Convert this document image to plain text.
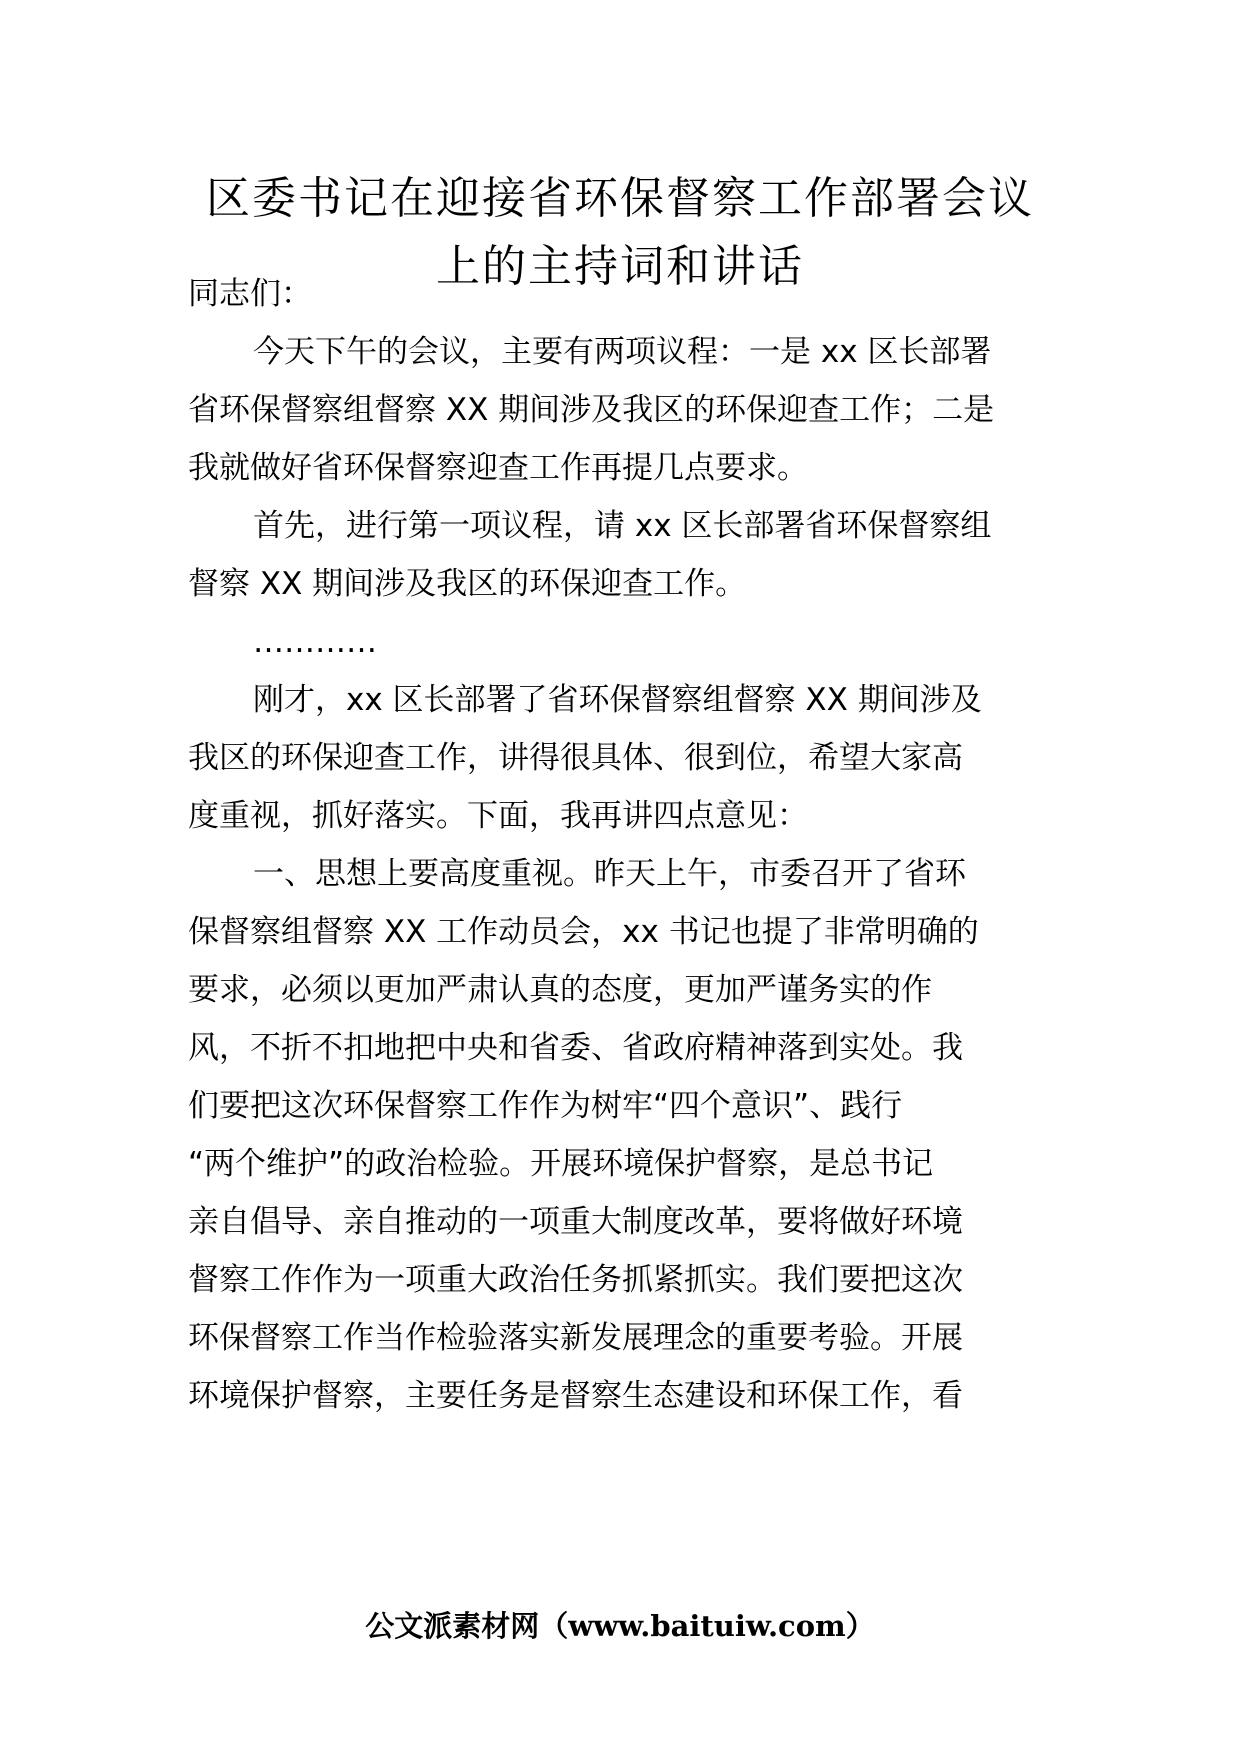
区委书记在迎接省环保督察工作部署会议
上的主持词和讲话

同志们：

今天下午的会议，主要有两项议程：一是 xx 区长部署

省环保督察组督察 XX 期间涉及我区的环保迎查工作；二是

我就做好省环保督察迎查工作再提几点要求。

首先，进行第一项议程，请 xx 区长部署省环保督察组

督察 XX 期间涉及我区的环保迎查工作。

…………

刚才，xx 区长部署了省环保督察组督察 XX 期间涉及

我区的环保迎查工作，讲得很具体、很到位，希望大家高

度重视，抓好落实。下面，我再讲四点意见：

一、思想上要高度重视。昨天上午，市委召开了省环

保督察组督察 XX 工作动员会，xx 书记也提了非常明确的

要求，必须以更加严肃认真的态度，更加严谨务实的作

风，不折不扣地把中央和省委、省政府精神落到实处。我

们要把这次环保督察工作作为树牢“四个意识”、践行

“两个维护”的政治检验。开展环境保护督察，是总书记

亲自倡导、亲自推动的一项重大制度改革，要将做好环境

督察工作作为一项重大政治任务抓紧抓实。我们要把这次

环保督察工作当作检验落实新发展理念的重要考验。开展

环境保护督察，主要任务是督察生态建设和环保工作，看

公文派素材网（www.baituiw.com）
